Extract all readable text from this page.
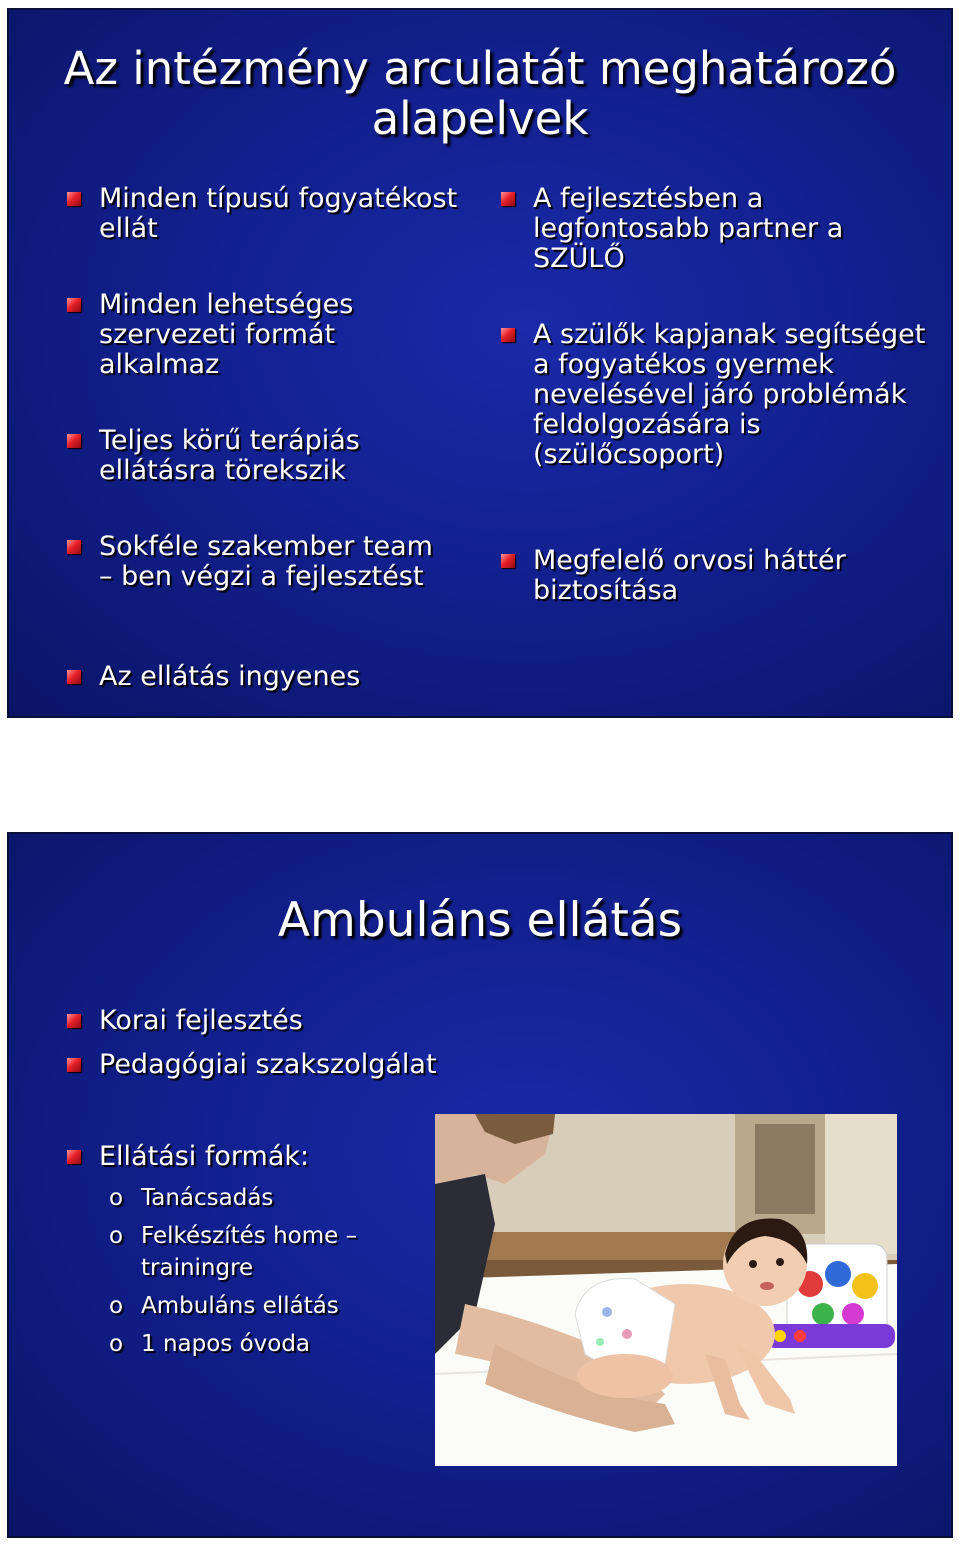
Az intézmény arculatát meghatározó alapelvek
Minden típusú fogyatékost ellát
Minden lehetséges szervezeti formát alkalmaz
Teljes körű terápiás ellátásra törekszik
Sokféle szakember team – ben végzi a fejlesztést
Az ellátás ingyenes
A fejlesztésben a legfontosabb partner a SZÜLŐ
A szülők kapjanak segítséget a fogyatékos gyermek nevelésével járó problémák feldolgozására is (szülőcsoport)
Megfelelő orvosi háttér biztosítása
Ambuláns ellátás
Korai fejlesztés
Pedagógiai szakszolgálat
Ellátási formák:
o Tanácsadás
o Felkészítés home – trainingre
o Ambuláns ellátás
o 1 napos óvoda
